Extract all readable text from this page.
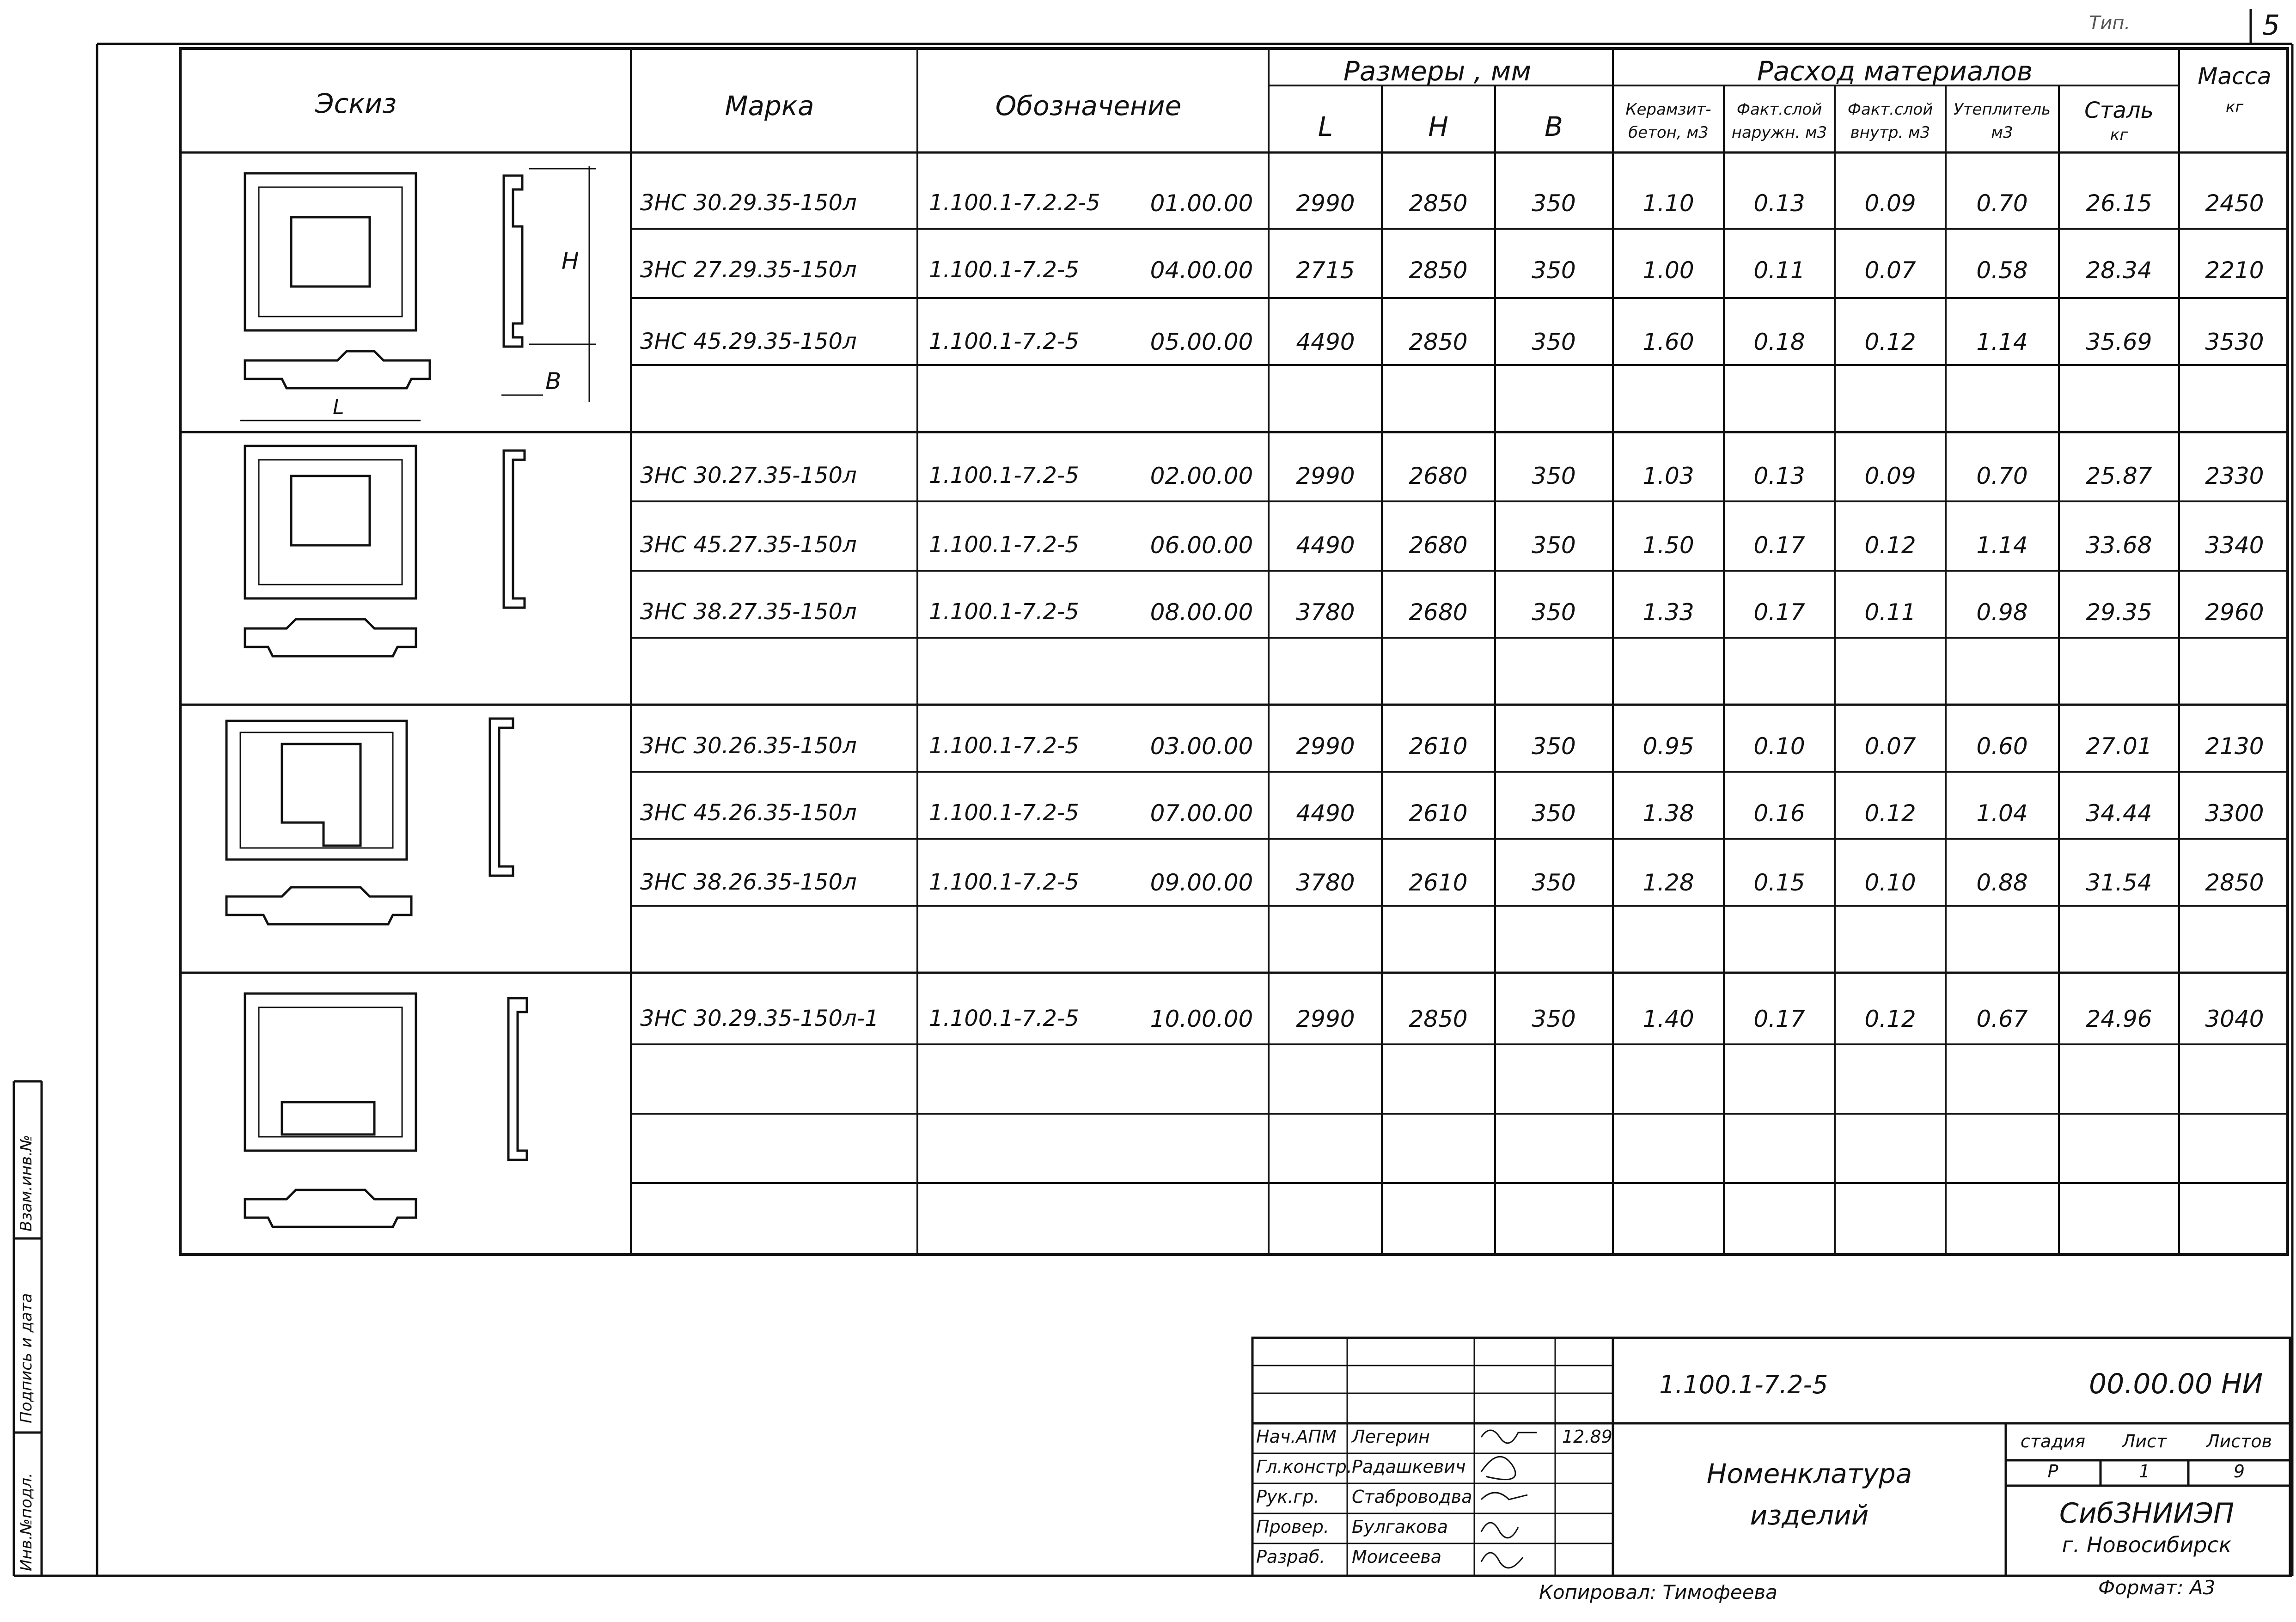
Тип.	5
Эскиз	Марка	Обозначение
Размеры , мм
L	H	B
Расход материалов
Керамзит-
бетон, м3
Факт.слой
наружн. м3
Факт.слой
внутр. м3
Утеплитель
м3
Сталь
кг
Масса
кг
H
L
B
3НС 30.29.35-150л	1.100.1-7.2.2-5 01.00.00 2990 2850	350	1.10	0.13	0.09	0.70	26.15 2450
3НС 27.29.35-150л	1.100.1-7.2-5	04.00.00 2715 2850	350	1.00	0.11	0.07	0.58	28.34 2210
3НС 45.29.35-150л	1.100.1-7.2-5	05.00.00 4490 2850	350	1.60	0.18	0.12	1.14	35.69 3530
3НС 30.27.35-150л	1.100.1-7.2-5	02.00.00 2990 2680	350	1.03	0.13	0.09	0.70	25.87 2330
3НС 45.27.35-150л	1.100.1-7.2-5	06.00.00 4490 2680	350	1.50	0.17	0.12	1.14	33.68 3340
3НС 38.27.35-150л	1.100.1-7.2-5	08.00.00 3780 2680	350	1.33	0.17	0.11	0.98	29.35 2960
3НС 30.26.35-150л	1.100.1-7.2-5	03.00.00 2990 2610	350	0.95	0.10	0.07	0.60	27.01 2130
3НС 45.26.35-150л	1.100.1-7.2-5	07.00.00 4490 2610	350	1.38	0.16	0.12	1.04	34.44 3300
3НС 38.26.35-150л	1.100.1-7.2-5	09.00.00 3780 2610	350	1.28	0.15	0.10	0.88	31.54 2850
3НС 30.29.35-150л-1 1.100.1-7.2-5	10.00.00 2990 2850	350	1.40	0.17	0.12	0.67	24.96 3040
Инв.№подл.
Подпись и дата
Взам.инв.№
1.100.1-7.2-5	00.00.00 НИ
Номенклатура
изделий
стадия Лист Листов
Р	1	9
СибЗНИИЭП
г. Новосибирск
12.89
Нач.АПМ Легерин
Гл.констр. Радашкевич
Рук.гр. Стаброводва
Провер. Булгакова
Разраб. Моисеева
Копировал: Тимофеева	Формат: А3
